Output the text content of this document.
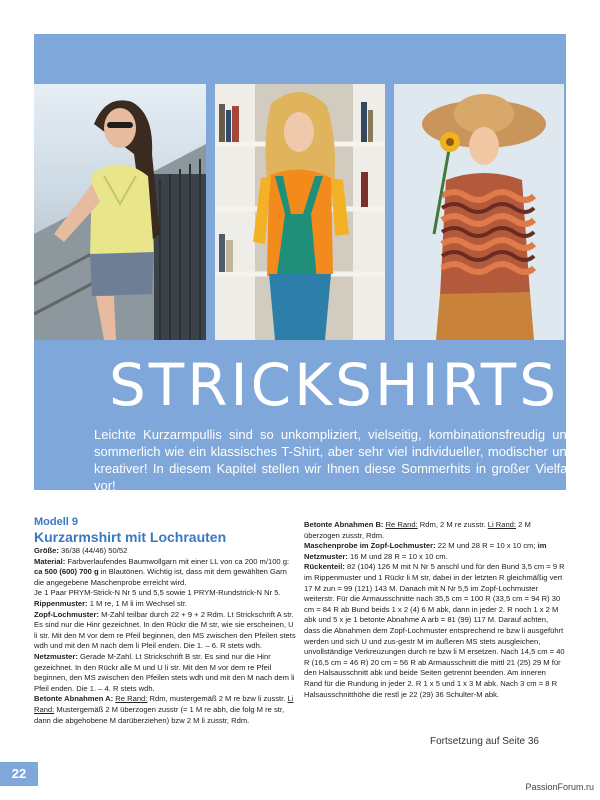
STRICKSHIRTS

Leichte Kurzarmpullis sind so unkompliziert, vielseitig, kombinationsfreudig und sommerlich wie ein klassisches T-Shirt, aber sehr viel individueller, modischer und kreativer! In diesem Kapitel stellen wir Ihnen diese Sommerhits in großer Vielfalt vor!

Modell 9

Kurzarmshirt mit Lochrauten

Größe: 36/38 (44/46) 50/52

Material: Farbverlaufendes Baumwollgarn mit einer LL von ca 200 m/100 g: ca 500 (600) 700 g in Blautönen. Wichtig ist, dass mit dem gewählten Garn die angegebene Maschenprobe erreicht wird.

Je 1 Paar PRYM-Strick-N Nr 5 und 5,5 sowie 1 PRYM-Rundstrick-N Nr 5.

Rippenmuster: 1 M re, 1 M li im Wechsel str.

Zopf-Lochmuster: M-Zahl teilbar durch 22 + 9 + 2 Rdm. Lt Strickschrift A str. Es sind nur die Hinr gezeichnet. In den Rückr die M str, wie sie erscheinen, U li str. Mit den M vor dem re Pfeil beginnen, den MS zwischen den Pfeilen stets wdh und mit den M nach dem li Pfeil enden. Die 1. – 6. R stets wdh.

Netzmuster: Gerade M-Zahl. Lt Strickschrift B str. Es sind nur die Hinr gezeichnet. In den Rückr alle M und U li str. Mit den M vor dem re Pfeil beginnen, den MS zwischen den Pfeilen stets wdh und mit den M nach dem li Pfeil enden. Die 1. – 4. R stets wdh.

Betonte Abnahmen A: Re Rand: Rdm, mustergemäß 2 M re bzw li zusstr. Li Rand: Mustergemäß 2 M überzogen zusstr (= 1 M re abh, die folg M re str, dann die abgehobene M darüberziehen) bzw 2 M li zusstr, Rdm.

Betonte Abnahmen B: Re Rand: Rdm, 2 M re zusstr. Li Rand: 2 M überzogen zusstr, Rdm.

Maschenprobe im Zopf-Lochmuster: 22 M und 28 R = 10 x 10 cm; im Netzmuster: 16 M und 28 R = 10 x 10 cm.

Rückenteil: 82 (104) 126 M mit N Nr 5 anschl und für den Bund 3,5 cm = 9 R im Rippenmuster und 1 Rückr li M str, dabei in der letzten R gleichmäßig vert 17 M zun = 99 (121) 143 M. Danach mit N Nr 5,5 im Zopf-Lochmuster weiterstr. Für die Armausschnitte nach 35,5 cm = 100 R (33,5 cm = 94 R) 30 cm = 84 R ab Bund beids 1 x 2 (4) 6 M abk, dann in jeder 2. R noch 1 x 2 M abk und 5 x je 1 betonte Abnahme A arb = 81 (99) 117 M. Darauf achten, dass die Abnahmen dem Zopf-Lochmuster entsprechend re bzw li ausgeführt werden und sich U und zus-gestr M im äußeren MS stets ausgleichen, unvollständige Verkreuzungen durch re bzw li M ersetzen. Nach 14,5 cm = 40 R (16,5 cm = 46 R) 20 cm = 56 R ab Armausschnitt die mittl 21 (25) 29 M für den Halsausschnitt abk und beide Seiten getrennt beenden. Am inneren Rand für die Rundung in jeder 2. R 1 x 5 und 1 x 3 M abk. Nach 3 cm = 8 R Halsausschnitthöhe die restl je 22 (29) 36 Schulter-M abk.

Fortsetzung auf Seite 36
22
PassionForum.ru
